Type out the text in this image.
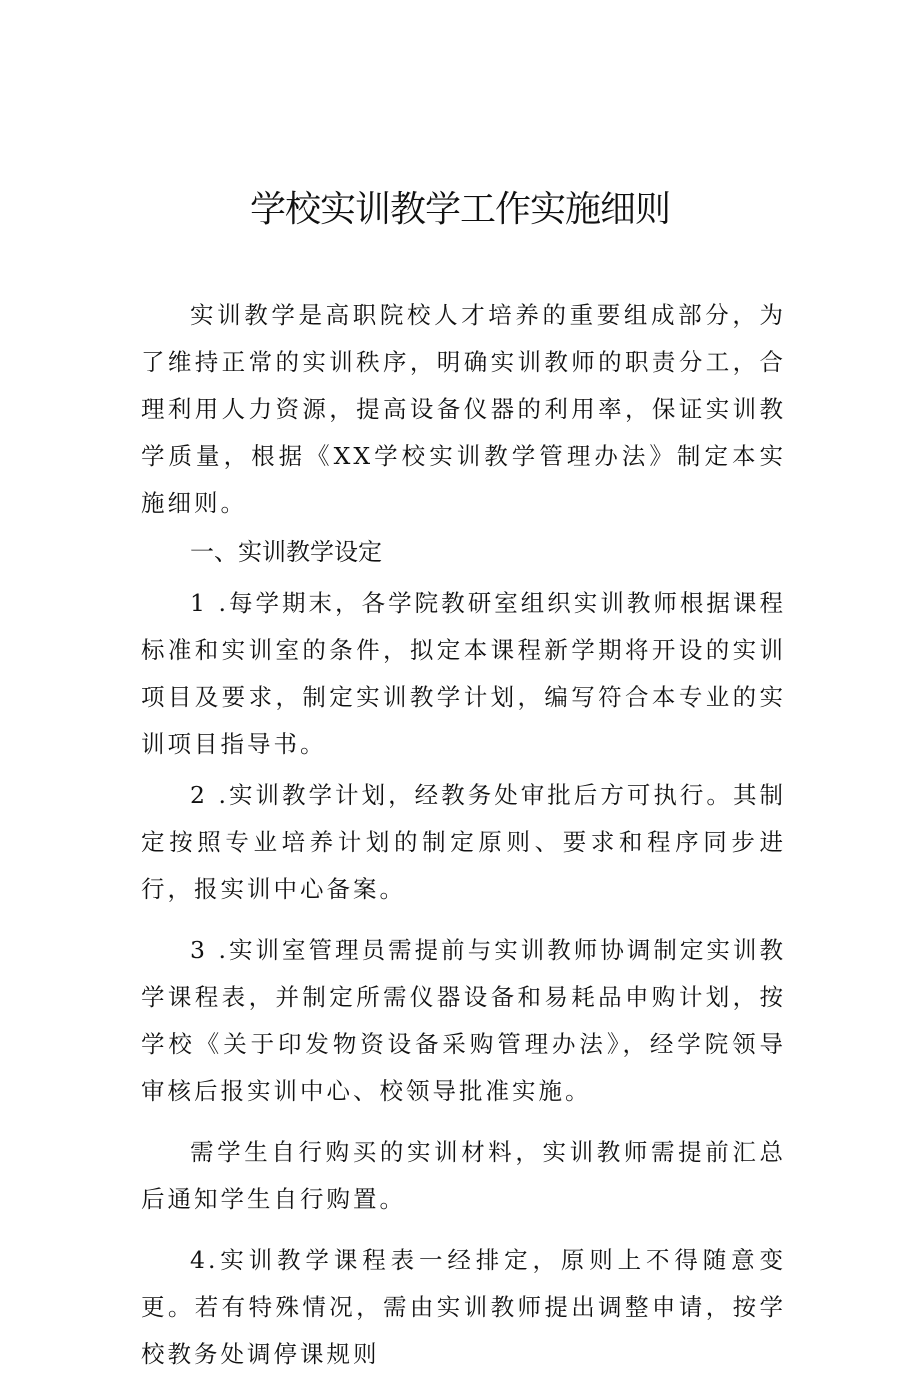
学校实训教学工作实施细则

实训教学是高职院校人才培养的重要组成部分，为了维持正常的实训秩序，明确实训教师的职责分工，合理利用人力资源，提高设备仪器的利用率，保证实训教学质量，根据《XX学校实训教学管理办法》制定本实施细则。

一、实训教学设定

1 .每学期末，各学院教研室组织实训教师根据课程标准和实训室的条件，拟定本课程新学期将开设的实训项目及要求，制定实训教学计划，编写符合本专业的实训项目指导书。

2 .实训教学计划，经教务处审批后方可执行。其制定按照专业培养计划的制定原则、要求和程序同步进行，报实训中心备案。

3 .实训室管理员需提前与实训教师协调制定实训教学课程表，并制定所需仪器设备和易耗品申购计划，按学校《关于印发物资设备采购管理办法》，经学院领导审核后报实训中心、校领导批准实施。

需学生自行购买的实训材料，实训教师需提前汇总后通知学生自行购置。

4.实训教学课程表一经排定，原则上不得随意变更。若有特殊情况，需由实训教师提出调整申请，按学校教务处调停课规则
